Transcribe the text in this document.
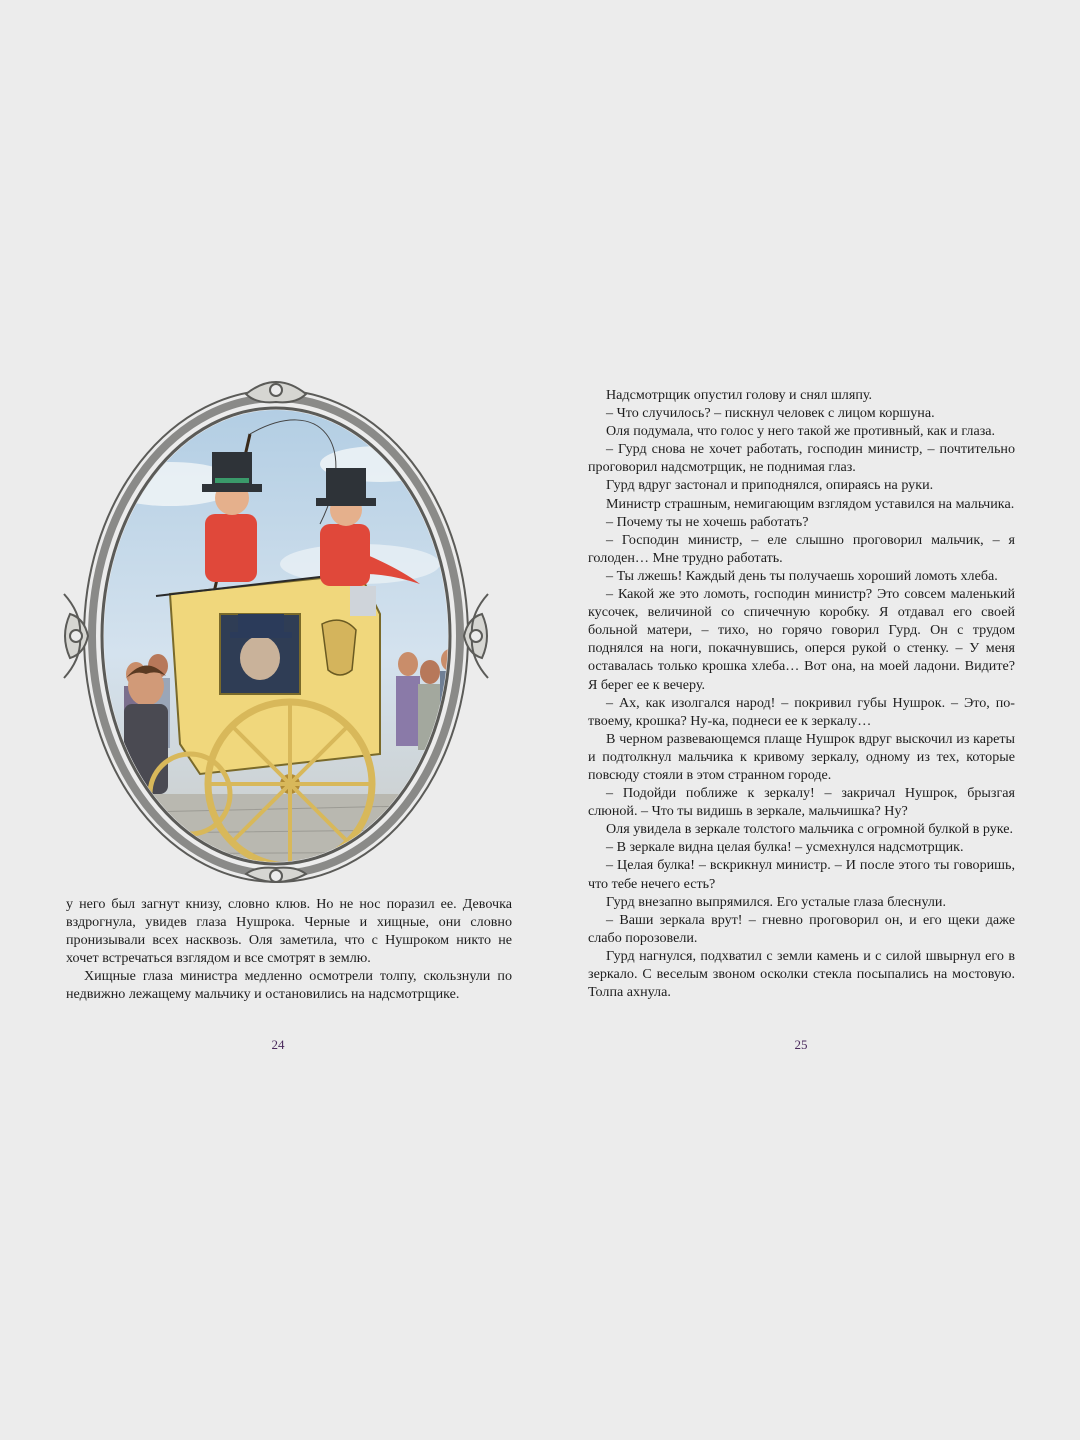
у него был загнут книзу, словно клюв. Но не нос поразил ее. Девочка вздрогнула, увидев глаза Нушрока. Черные и хищные, они словно пронизывали всех насквозь. Оля заметила, что с Нушроком никто не хочет встречаться взглядом и все смотрят в землю.

Хищные глаза министра медленно осмотрели толпу, скользнули по недвижно лежащему мальчику и остановились на надсмотрщике.

Надсмотрщик опустил голову и снял шляпу.

– Что случилось? – пискнул человек с лицом коршуна.

Оля подумала, что голос у него такой же противный, как и глаза.

– Гурд снова не хочет работать, господин министр, – почтительно проговорил надсмотрщик, не поднимая глаз.

Гурд вдруг застонал и приподнялся, опираясь на руки.

Министр страшным, немигающим взглядом уставился на мальчика.

– Почему ты не хочешь работать?

– Господин министр, – еле слышно проговорил мальчик, – я голоден… Мне трудно работать.

– Ты лжешь! Каждый день ты получаешь хороший ломоть хлеба.

– Какой же это ломоть, господин министр? Это совсем маленький кусочек, величиной со спичечную коробку. Я отдавал его своей больной матери, – тихо, но горячо говорил Гурд. Он с трудом поднялся на ноги, покачнувшись, оперся рукой о стенку. – У меня оставалась только крошка хлеба… Вот она, на моей ладони. Видите? Я берег ее к вечеру.

– Ах, как изолгался народ! – покривил губы Нушрок. – Это, по-твоему, крошка? Ну-ка, поднеси ее к зеркалу…

В черном развевающемся плаще Нушрок вдруг выскочил из кареты и подтолкнул мальчика к кривому зеркалу, одному из тех, которые повсюду стояли в этом странном городе.

– Подойди поближе к зеркалу! – закричал Нушрок, брызгая слюной. – Что ты видишь в зеркале, мальчишка? Ну?

Оля увидела в зеркале толстого мальчика с огромной булкой в руке.

– В зеркале видна целая булка! – усмехнулся надсмотрщик.

– Целая булка! – вскрикнул министр. – И после этого ты говоришь, что тебе нечего есть?

Гурд внезапно выпрямился. Его усталые глаза блеснули.

– Ваши зеркала врут! – гневно проговорил он, и его щеки даже слабо порозовели.

Гурд нагнулся, подхватил с земли камень и с силой швырнул его в зеркало. С веселым звоном осколки стекла посыпались на мостовую. Толпа ахнула.

24	25
